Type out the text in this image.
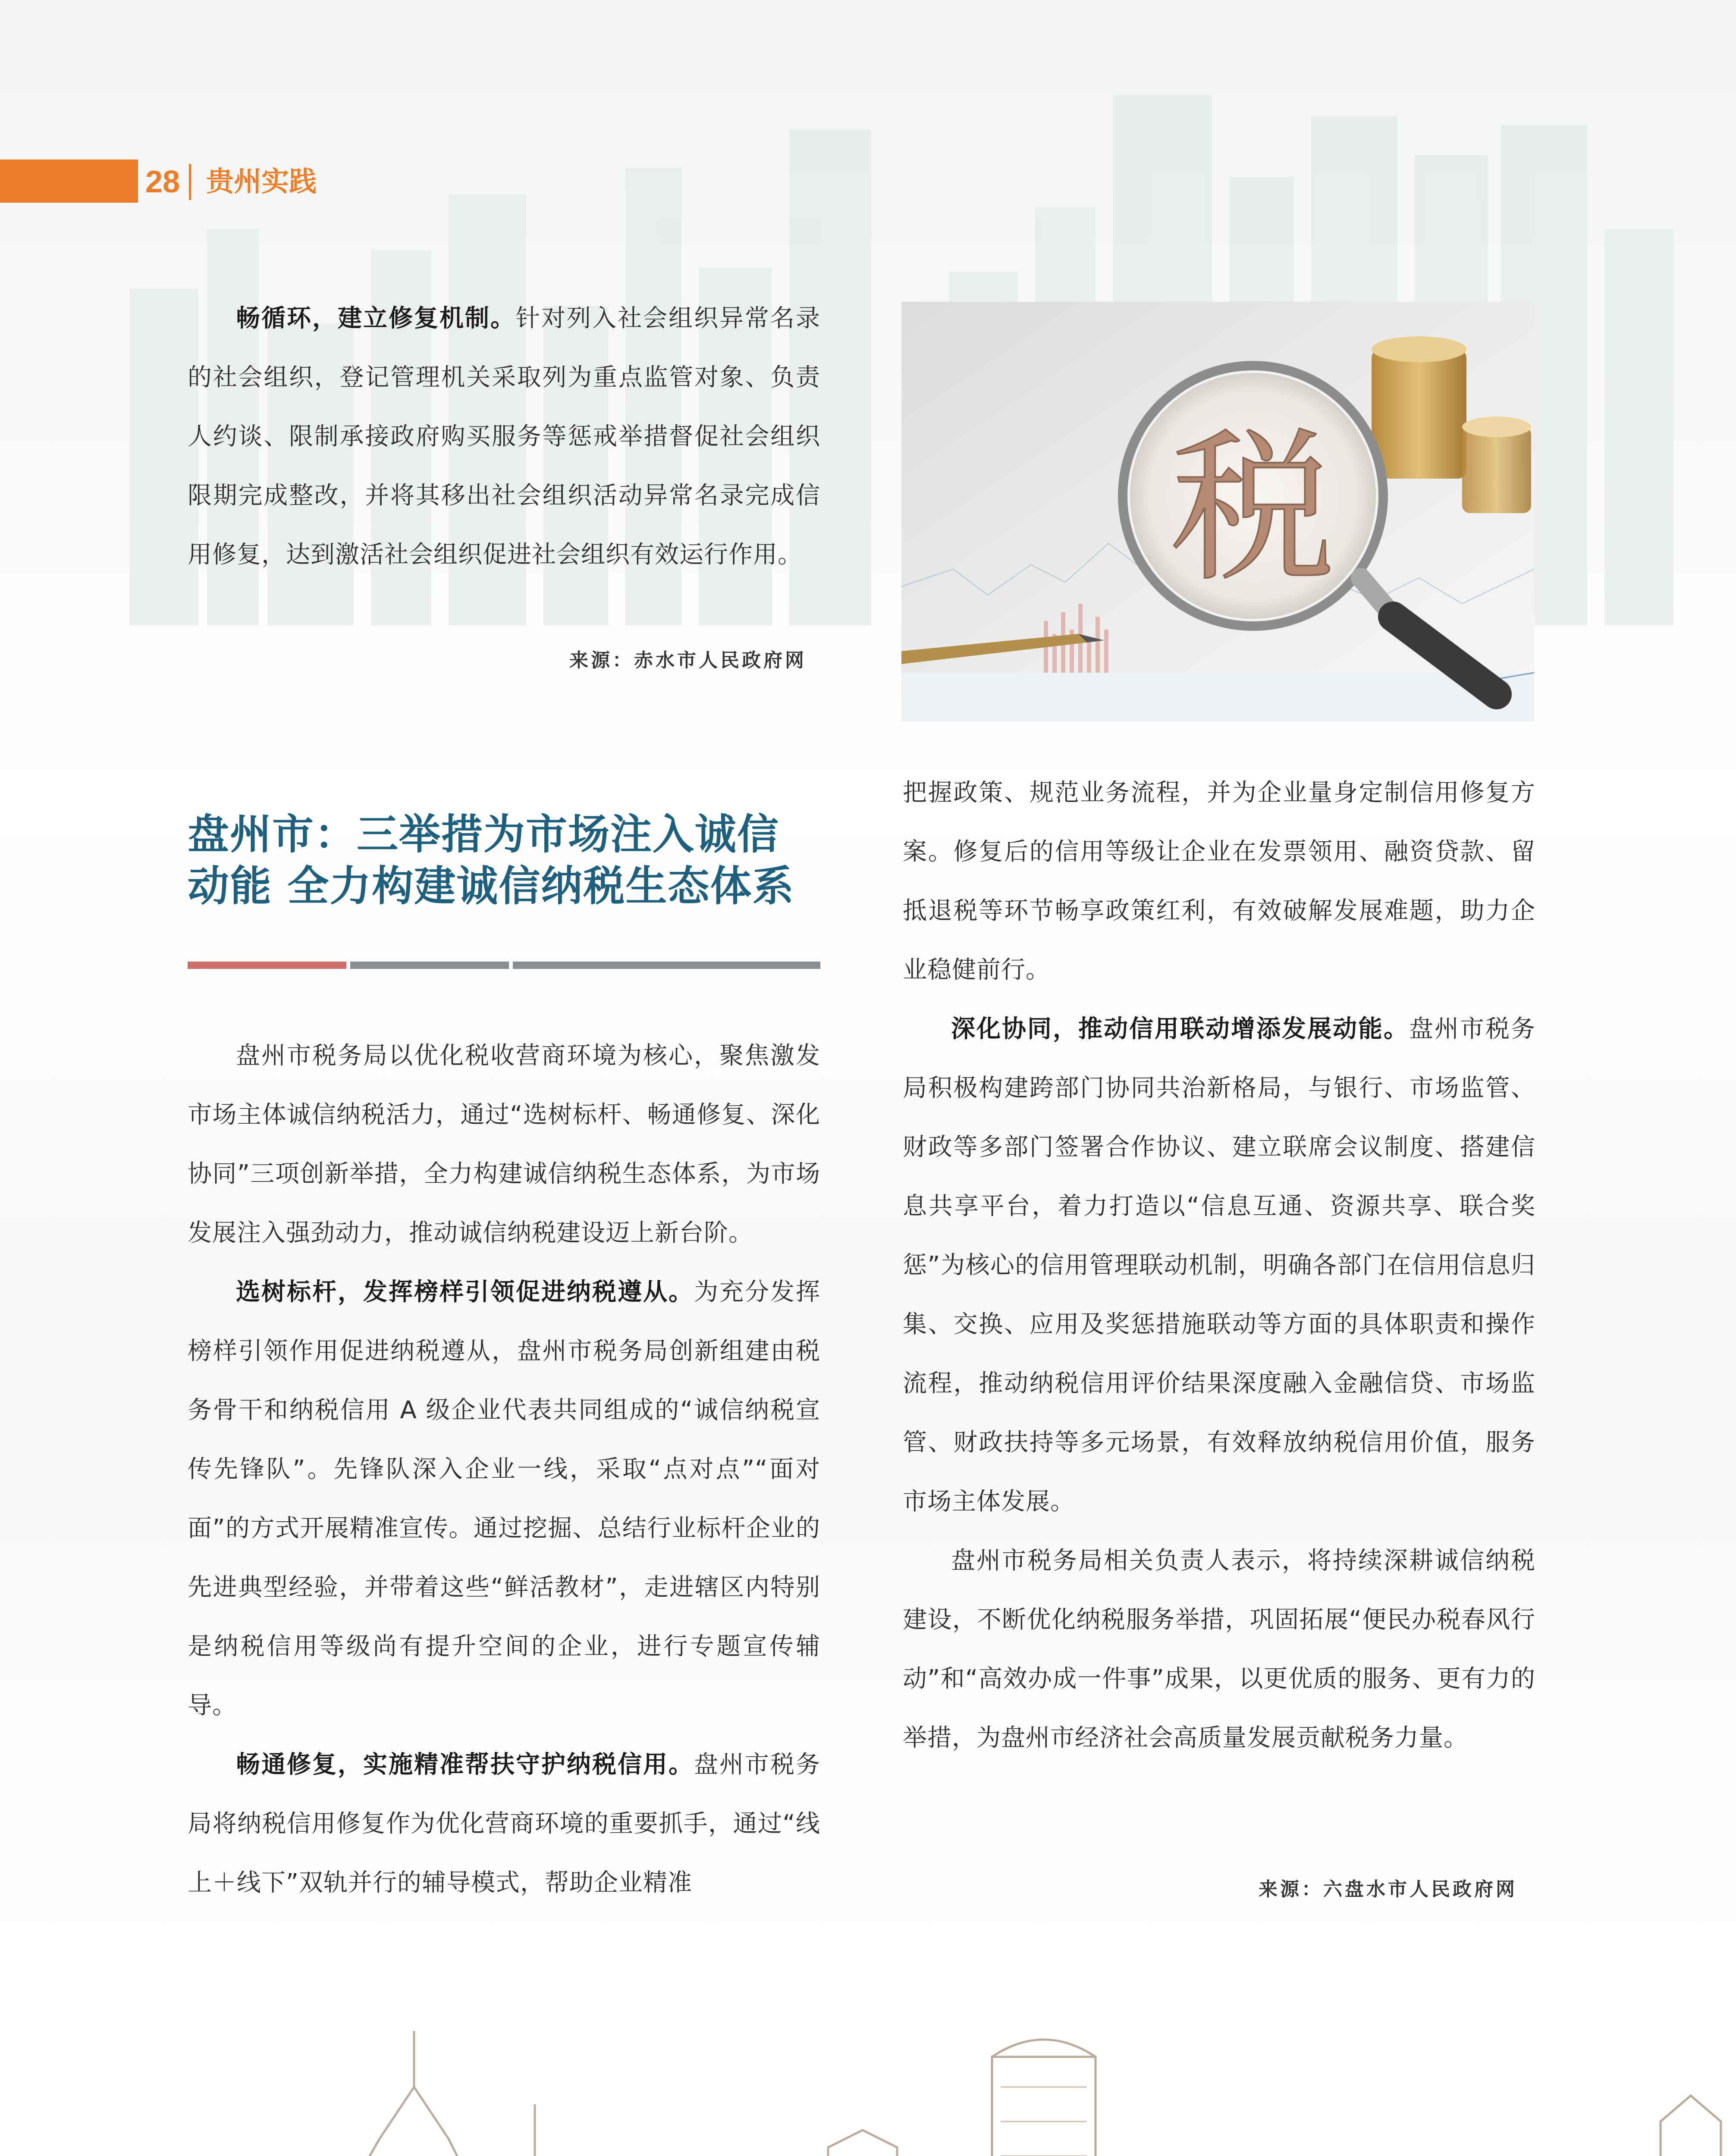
28 贵州实践

畅循环，建立修复机制。针对列入社会组织异常名录的社会组织，登记管理机关采取列为重点监管对象、负责人约谈、限制承接政府购买服务等惩戒举措督促社会组织限期完成整改，并将其移出社会组织活动异常名录完成信用修复，达到激活社会组织促进社会组织有效运行作用。

来源：赤水市人民政府网
税
盘州市：三举措为市场注入诚信
动能 全力构建诚信纳税生态体系

盘州市税务局以优化税收营商环境为核心，聚焦激发市场主体诚信纳税活力，通过“选树标杆、畅通修复、深化协同”三项创新举措，全力构建诚信纳税生态体系，为市场发展注入强劲动力，推动诚信纳税建设迈上新台阶。

选树标杆，发挥榜样引领促进纳税遵从。为充分发挥榜样引领作用促进纳税遵从，盘州市税务局创新组建由税务骨干和纳税信用 A 级企业代表共同组成的“诚信纳税宣传先锋队”。先锋队深入企业一线，采取“点对点”“面对面”的方式开展精准宣传。通过挖掘、总结行业标杆企业的先进典型经验，并带着这些“鲜活教材”，走进辖区内特别是纳税信用等级尚有提升空间的企业，进行专题宣传辅导。

畅通修复，实施精准帮扶守护纳税信用。盘州市税务局将纳税信用修复作为优化营商环境的重要抓手，通过“线上＋线下”双轨并行的辅导模式，帮助企业精准

把握政策、规范业务流程，并为企业量身定制信用修复方案。修复后的信用等级让企业在发票领用、融资贷款、留抵退税等环节畅享政策红利，有效破解发展难题，助力企业稳健前行。

深化协同，推动信用联动增添发展动能。盘州市税务局积极构建跨部门协同共治新格局，与银行、市场监管、财政等多部门签署合作协议、建立联席会议制度、搭建信息共享平台，着力打造以“信息互通、资源共享、联合奖惩”为核心的信用管理联动机制，明确各部门在信用信息归集、交换、应用及奖惩措施联动等方面的具体职责和操作流程，推动纳税信用评价结果深度融入金融信贷、市场监管、财政扶持等多元场景，有效释放纳税信用价值，服务市场主体发展。

盘州市税务局相关负责人表示，将持续深耕诚信纳税建设，不断优化纳税服务举措，巩固拓展“便民办税春风行动”和“高效办成一件事”成果，以更优质的服务、更有力的举措，为盘州市经济社会高质量发展贡献税务力量。

来源：六盘水市人民政府网
